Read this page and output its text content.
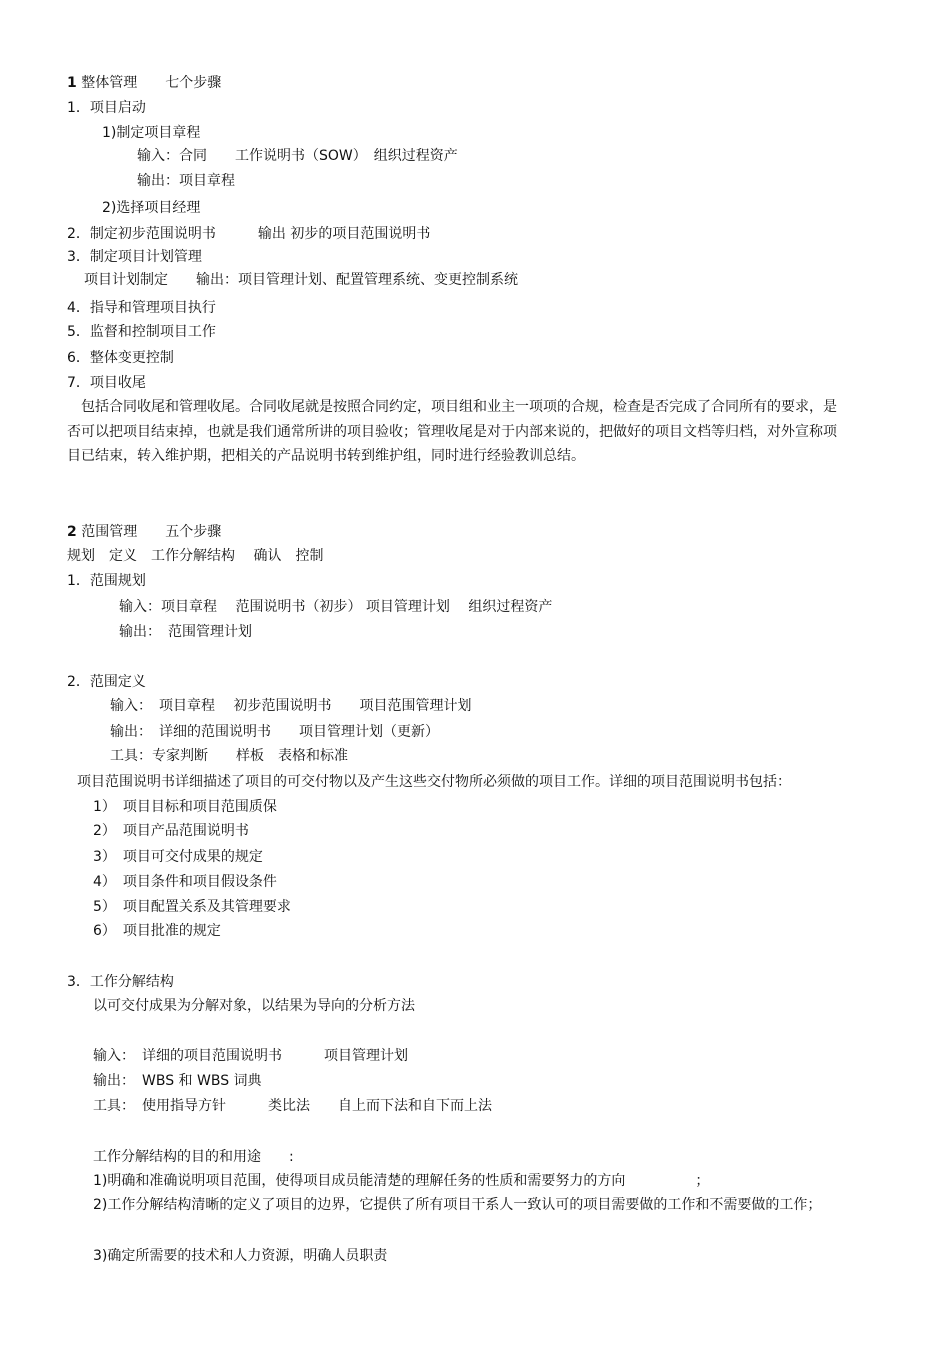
1 整体管理　　七个步骤
1．项目启动
1)制定项目章程
输入：合同　　工作说明书（SOW）　组织过程资产
输出：项目章程
2)选择项目经理
2．制定初步范围说明书　　　输出 初步的项目范围说明书
3．制定项目计划管理
项目计划制定　　输出：项目管理计划、配置管理系统、变更控制系统
4．指导和管理项目执行
5．监督和控制项目工作
6．整体变更控制
7．项目收尾
　包括合同收尾和管理收尾。合同收尾就是按照合同约定，项目组和业主一项项的合规，检查是否完成了合同所有的要求，是否可以把项目结束掉，也就是我们通常所讲的项目验收；管理收尾是对于内部来说的，把做好的项目文档等归档，对外宣称项目已结束，转入维护期，把相关的产品说明书转到维护组，同时进行经验教训总结。
2 范围管理　　五个步骤
规划　定义　工作分解结构　 确认　控制
1．范围规划
输入：项目章程　 范围说明书（初步） 项目管理计划　 组织过程资产
输出：　范围管理计划
2．范围定义
输入：　项目章程　 初步范围说明书　　项目范围管理计划
输出：　详细的范围说明书　　项目管理计划（更新）
工具：专家判断　　样板　表格和标准
项目范围说明书详细描述了项目的可交付物以及产生这些交付物所必须做的项目工作。详细的项目范围说明书包括：
1）　项目目标和项目范围质保
2）　项目产品范围说明书
3）　项目可交付成果的规定
4）　项目条件和项目假设条件
5）　项目配置关系及其管理要求
6）　项目批准的规定
3．工作分解结构
以可交付成果为分解对象，以结果为导向的分析方法
输入：　详细的项目范围说明书　　　项目管理计划
输出：　WBS 和 WBS 词典
工具：　使用指导方针　　　类比法　　自上而下法和自下而上法
工作分解结构的目的和用途　　:
1)明确和准确说明项目范围，使得项目成员能清楚的理解任务的性质和需要努力的方向　　　　　；
2)工作分解结构清晰的定义了项目的边界，它提供了所有项目干系人一致认可的项目需要做的工作和不需要做的工作；
3)确定所需要的技术和人力资源，明确人员职责
